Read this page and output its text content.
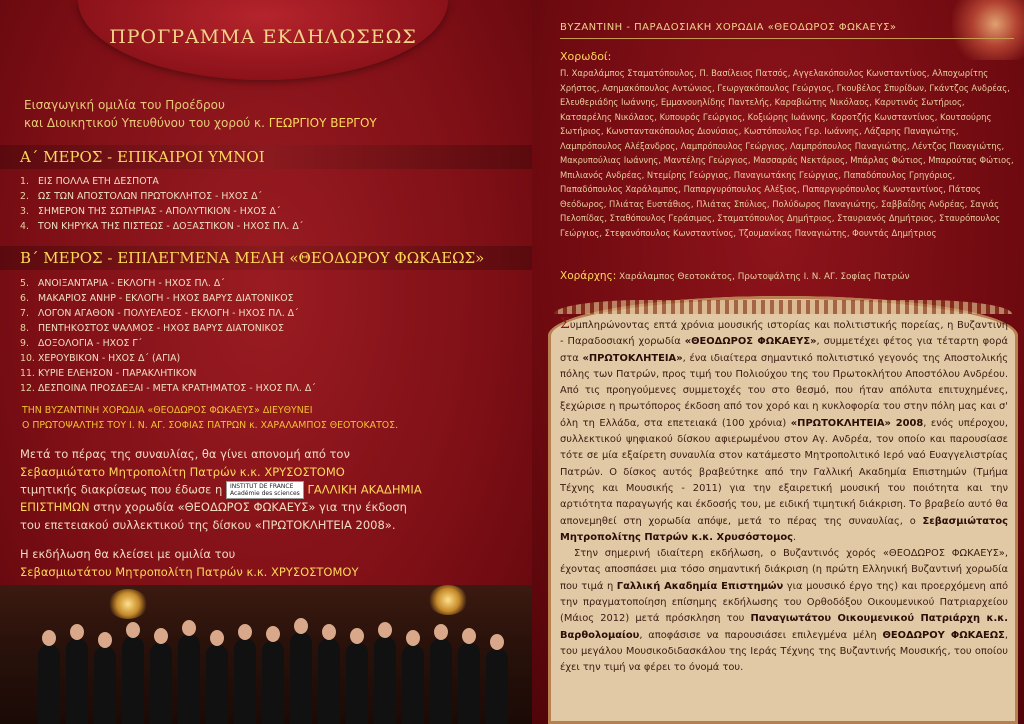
ΠΡΟΓΡΑΜΜΑ ΕΚΔΗΛΩΣΕΩΣ
Εισαγωγική ομιλία του Προέδρου
και Διοικητικού Υπευθύνου του χορού κ. ΓΕΩΡΓΙΟΥ ΒΕΡΓΟΥ
Α΄ ΜΕΡΟΣ - ΕΠΙΚΑΙΡΟΙ ΥΜΝΟΙ
1. ΕΙΣ ΠΟΛΛΑ ΕΤΗ ΔΕΣΠΟΤΑ
2. ΩΣ ΤΩΝ ΑΠΟΣΤΟΛΩΝ ΠΡΩΤΟΚΛΗΤΟΣ - ΗΧΟΣ Δ΄
3. ΣΗΜΕΡΟΝ ΤΗΣ ΣΩΤΗΡΙΑΣ - ΑΠΟΛΥΤΙΚΙΟΝ - ΗΧΟΣ Δ΄
4. ΤΟΝ ΚΗΡΥΚΑ ΤΗΣ ΠΙΣΤΕΩΣ - ΔΟΞΑΣΤΙΚΟΝ - ΗΧΟΣ ΠΛ. Δ΄
Β΄ ΜΕΡΟΣ - ΕΠΙΛΕΓΜΕΝΑ ΜΕΛΗ «ΘΕΟΔΩΡΟΥ ΦΩΚΑΕΩΣ»
5. ΑΝΟΙΞΑΝΤΑΡΙΑ - ΕΚΛΟΓΗ - ΗΧΟΣ ΠΛ. Δ΄
6. ΜΑΚΑΡΙΟΣ ΑΝΗΡ - ΕΚΛΟΓΗ - ΗΧΟΣ ΒΑΡΥΣ ΔΙΑΤΟΝΙΚΟΣ
7. ΛΟΓΟΝ ΑΓΑΘΟΝ - ΠΟΛΥΕΛΕΟΣ - ΕΚΛΟΓΗ - ΗΧΟΣ ΠΛ. Δ΄
8. ΠΕΝΤΗΚΟΣΤΟΣ ΨΑΛΜΟΣ - ΗΧΟΣ ΒΑΡΥΣ ΔΙΑΤΟΝΙΚΟΣ
9. ΔΟΞΟΛΟΓΙΑ - ΗΧΟΣ Γ΄
10. ΧΕΡΟΥΒΙΚΟΝ - ΗΧΟΣ Δ΄ (ΑΓΙΑ)
11. ΚΥΡΙΕ ΕΛΕΗΣΟΝ - ΠΑΡΑΚΛΗΤΙΚΟΝ
12. ΔΕΣΠΟΙΝΑ ΠΡΟΣΔΕΞΑΙ - ΜΕΤΑ ΚΡΑΤΗΜΑΤΟΣ - ΗΧΟΣ ΠΛ. Δ΄
ΤΗΝ ΒΥΖΑΝΤΙΝΗ ΧΟΡΩΔΙΑ «ΘΕΟΔΩΡΟΣ ΦΩΚΑΕΥΣ» ΔΙΕΥΘΥΝΕΙ
Ο ΠΡΩΤΟΨΑΛΤΗΣ ΤΟΥ Ι. Ν. ΑΓ. ΣΟΦΙΑΣ ΠΑΤΡΩΝ κ. ΧΑΡΑΛΑΜΠΟΣ ΘΕΟΤΟΚΑΤΟΣ.
Μετά το πέρας της συναυλίας, θα γίνει απονομή από τον
Σεβασμιώτατο Μητροπολίτη Πατρών κ.κ. ΧΡΥΣΟΣΤΟΜΟ
τιμητικής διακρίσεως που έδωσε η INSTITUT DE FRANCE
Académie des sciences ΓΑΛΛΙΚΗ ΑΚΑΔΗΜΙΑ
ΕΠΙΣΤΗΜΩΝ στην χορωδία «ΘΕΟΔΩΡΟΣ ΦΩΚΑΕΥΣ» για την έκδοση
του επετειακού συλλεκτικού της δίσκου «ΠΡΩΤΟΚΛΗΤΕΙΑ 2008».
Η εκδήλωση θα κλείσει με ομιλία του
Σεβασμιωτάτου Μητροπολίτη Πατρών κ.κ. ΧΡΥΣΟΣΤΟΜΟΥ
ΒΥΖΑΝΤΙΝΗ - ΠΑΡΑΔΟΣΙΑΚΗ ΧΟΡΩΔΙΑ «ΘΕΟΔΩΡΟΣ ΦΩΚΑΕΥΣ»
Χορωδοί:
Π. Χαραλάμπος Σταματόπουλος, Π. Βασίλειος Πατσός, Αγγελακόπουλος Κωνσταντίνος, Αλποχωρίτης Χρήστος, Ασημακόπουλος Αντώνιος, Γεωργακόπουλος Γεώργιος, Γκουβέλος Σπυρίδων, Γκάντζος Ανδρέας, Ελευθεριάδης Ιωάννης, Εμμανουηλίδης Παντελής, Καραβιώτης Νικόλαος, Καρυτινός Σωτήριος, Κατσαρέλης Νικόλαος, Κυπουρός Γεώργιος, Κοξιώρης Ιωάννης, Κοροτζής Κωνσταντίνος, Κουτσούρης Σωτήριος, Κωνσταντακόπουλος Διονύσιος, Κωστόπουλος Γερ. Ιωάννης, Λάζαρης Παναγιώτης, Λαμπρόπουλος Αλέξανδρος, Λαμπρόπουλος Γεώργιος, Λαμπρόπουλος Παναγιώτης, Λέντζος Παναγιώτης, Μακρυπούλιας Ιωάννης, Μαντέλης Γεώργιος, Μασσαράς Νεκτάριος, Μπάρλας Φώτιος, Μπαρούτας Φώτιος, Μπιλιανός Ανδρέας, Ντεμίρης Γεώργιος, Παναγιωτάκης Γεώργιος, Παπαδόπουλος Γρηγόριος, Παπαδόπουλος Χαράλαμπος, Παπαργυρόπουλος Αλέξιος, Παπαργυρόπουλος Κωνσταντίνος, Πάτσος Θεόδωρος, Πλιάτας Ευστάθιος, Πλιάτας Σπύλιος, Πολύδωρος Παναγιώτης, Σαββαΐδης Ανδρέας, Σαγιάς Πελοπίδας, Σταθόπουλος Γεράσιμος, Σταματόπουλος Δημήτριος, Σταυριανός Δημήτριος, Σταυρόπουλος Γεώργιος, Στεφανόπουλος Κωνσταντίνος, Τζουμανίκας Παναγιώτης, Φουντάς Δημήτριος
Χοράρχης: Χαράλαμπος Θεοτοκάτος, Πρωτοψάλτης Ι. Ν. ΑΓ. Σοφίας Πατρών

Συμπληρώνοντας επτά χρόνια μουσικής ιστορίας και πολιτιστικής πορείας, η Βυζαντινή - Παραδοσιακή χορωδία «ΘΕΟΔΩΡΟΣ ΦΩΚΑΕΥΣ», συμμετέχει φέτος για τέταρτη φορά στα «ΠΡΩΤΟΚΛΗΤΕΙΑ», ένα ιδιαίτερα σημαντικό πολιτιστικό γεγονός της Αποστολικής πόλης των Πατρών, προς τιμή του Πολιούχου της του Πρωτοκλήτου Αποστόλου Ανδρέου. Από τις προηγούμενες συμμετοχές του στο θεσμό, που ήταν απόλυτα επιτυχημένες, ξεχώρισε η πρωτόπορος έκδοση από τον χορό και η κυκλοφορία του στην πόλη μας και σ' όλη τη Ελλάδα, στα επετειακά (100 χρόνια) «ΠΡΩΤΟΚΛΗΤΕΙΑ» 2008, ενός υπέροχου, συλλεκτικού ψηφιακού δίσκου αφιερωμένου στον Αγ. Ανδρέα, τον οποίο και παρουσίασε τότε σε μία εξαίρετη συναυλία στον κατάμεστο Μητροπολιτικό Ιερό ναό Ευαγγελιστρίας Πατρών. Ο δίσκος αυτός βραβεύτηκε από την Γαλλική Ακαδημία Επιστημών (Τμήμα Τέχνης και Μουσικής - 2011) για την εξαιρετική μουσική του ποιότητα και την αρτιότητα παραγωγής και έκδοσής του, με ειδική τιμητική διάκριση. Το βραβείο αυτό θα απονεμηθεί στη χορωδία απόψε, μετά το πέρας της συναυλίας, ο Σεβασμιώτατος Μητροπολίτης Πατρών κ.κ. Χρυσόστομος.

Στην σημερινή ιδιαίτερη εκδήλωση, ο Βυζαντινός χορός «ΘΕΟΔΩΡΟΣ ΦΩΚΑΕΥΣ», έχοντας αποσπάσει μια τόσο σημαντική διάκριση (η πρώτη Ελληνική Βυζαντινή χορωδία που τιμά η Γαλλική Ακαδημία Επιστημών για μουσικό έργο της) και προερχόμενη από την πραγματοποίηση επίσημης εκδήλωσης του Ορθοδόξου Οικουμενικού Πατριαρχείου (Μάιος 2012) μετά πρόσκληση του Παναγιωτάτου Οικουμενικού Πατριάρχη κ.κ. Βαρθολομαίου, αποφάσισε να παρουσιάσει επιλεγμένα μέλη ΘΕΟΔΩΡΟΥ ΦΩΚΑΕΩΣ, του μεγάλου Μουσικοδιδασκάλου της Ιεράς Τέχνης της Βυζαντινής Μουσικής, του οποίου έχει την τιμή να φέρει το όνομά του.
